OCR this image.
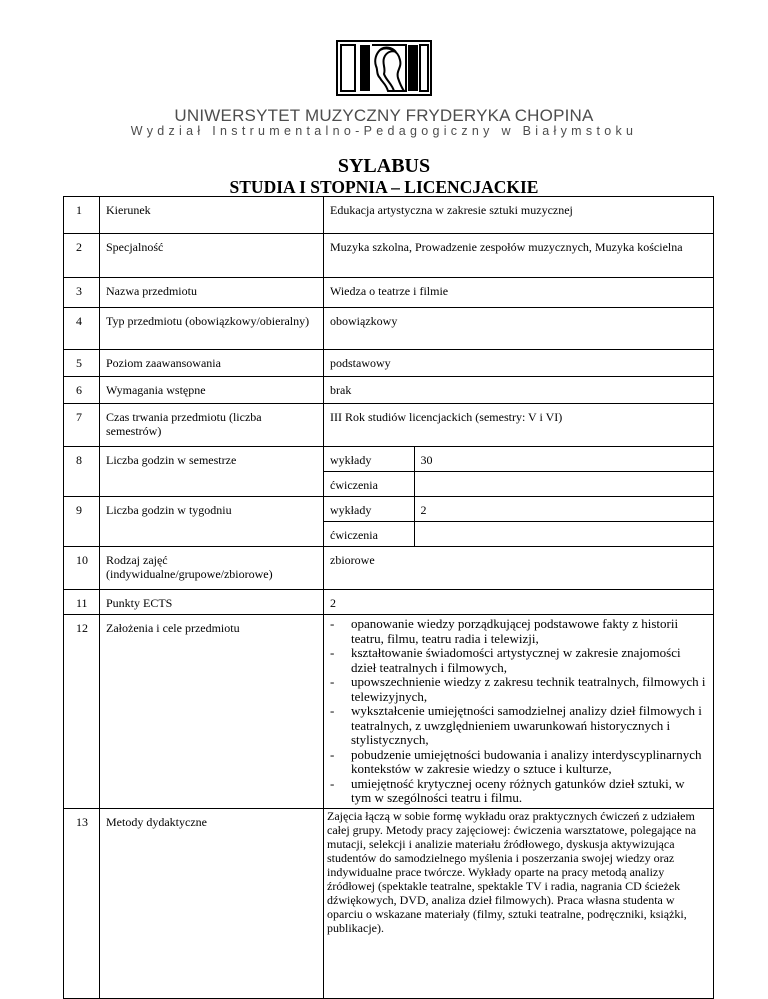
UNIWERSYTET MUZYCZNY FRYDERYKA CHOPINA
Wydział Instrumentalno-Pedagogiczny w Białymstoku
SYLABUS
STUDIA I STOPNIA – LICENCJACKIE
1	Kierunek	Edukacja artystyczna w zakresie sztuki muzycznej
2	Specjalność	Muzyka szkolna, Prowadzenie zespołów muzycznych, Muzyka kościelna
3	Nazwa przedmiotu	Wiedza o teatrze i filmie
4	Typ przedmiotu (obowiązkowy/obieralny)	obowiązkowy
5	Poziom zaawansowania	podstawowy
6	Wymagania wstępne	brak
7	Czas trwania przedmiotu (liczba semestrów)	III Rok studiów licencjackich (semestry: V i VI)
8	Liczba godzin w semestrze		wykłady	30
ćwiczenia	

9	Liczba godzin w tygodniu		wykłady	2
ćwiczenia	

10	Rodzaj zajęć (indywidualne/grupowe/zbiorowe)	zbiorowe
11	Punkty ECTS	2
12	Założenia i cele przedmiotu	
-opanowanie wiedzy porządkującej podstawowe fakty z historii teatru, filmu, teatru radia i telewizji,
- kształtowanie świadomości artystycznej w zakresie znajomości dzieł teatralnych i filmowych,
- upowszechnienie wiedzy z zakresu technik teatralnych, filmowych i telewizyjnych,
- wykształcenie umiejętności samodzielnej analizy dzieł filmowych i teatralnych, z uwzględnieniem uwarunkowań historycznych i stylistycznych,
- pobudzenie umiejętności budowania i analizy interdyscyplinarnych kontekstów w zakresie wiedzy o sztuce i kulturze,
- umiejętność krytycznej oceny różnych gatunków dzieł sztuki, w tym w szególności teatru i filmu.

13	Metody dydaktyczne	Zajęcia łączą w sobie formę wykładu oraz praktycznych ćwiczeń z udziałem całej grupy. Metody pracy zajęciowej: ćwiczenia warsztatowe, polegające na mutacji, selekcji i analizie materiału źródłowego, dyskusja aktywizująca studentów do samodzielnego myślenia i poszerzania swojej wiedzy oraz indywidualne prace twórcze. Wykłady oparte na pracy metodą analizy źródłowej (spektakle teatralne, spektakle TV i radia, nagrania CD ścieżek dźwiękowych, DVD, analiza dzieł filmowych). Praca własna studenta w oparciu o wskazane materiały (filmy, sztuki teatralne, podręczniki, książki, publikacje).
